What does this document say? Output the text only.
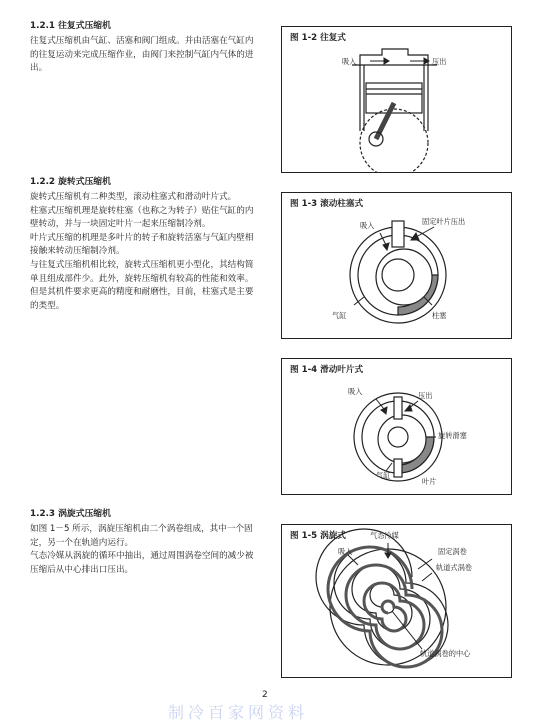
1.2.1 往复式压缩机

往复式压缩机由气缸、活塞和阀门组成。并由活塞在气缸内的往复运动来完成压缩作业，由阀门来控制气缸内气体的进出。

1.2.2 旋转式压缩机

旋转式压缩机有二种类型，滚动柱塞式和滑动叶片式。

柱塞式压缩机理是旋转柱塞（也称之为转子）贴住气缸的内壁转动，并与一块固定叶片一起来压缩制冷剂。

叶片式压缩的机理是多叶片的转子和旋转活塞与气缸内壁相接触来转动压缩制冷剂。

与往复式压缩机相比较，旋转式压缩机更小型化，其结构简单且组成部件少。此外，旋转压缩机有较高的性能和效率。但是其机件要求更高的精度和耐磨性，目前，柱塞式是主要的类型。

1.2.3 涡旋式压缩机

如图 1－5 所示，涡旋压缩机由二个涡卷组成，其中一个固定，另一个在轨道内运行。

气态冷媒从涡旋的循环中抽出，通过周围涡卷空间的减少被压缩后从中心排出口压出。

图 1-2 往复式
吸入	压出
图 1-3 滚动柱塞式
吸入	固定叶片压出
气缸	柱塞
图 1-4 滑动叶片式
吸入	压出
旋转滑塞
气缸
叶片
图 1-5 涡旋式	气态冷媒
吸入	固定涡卷
轨道式涡卷
轨道涡卷的中心
2
制冷百家网资料
